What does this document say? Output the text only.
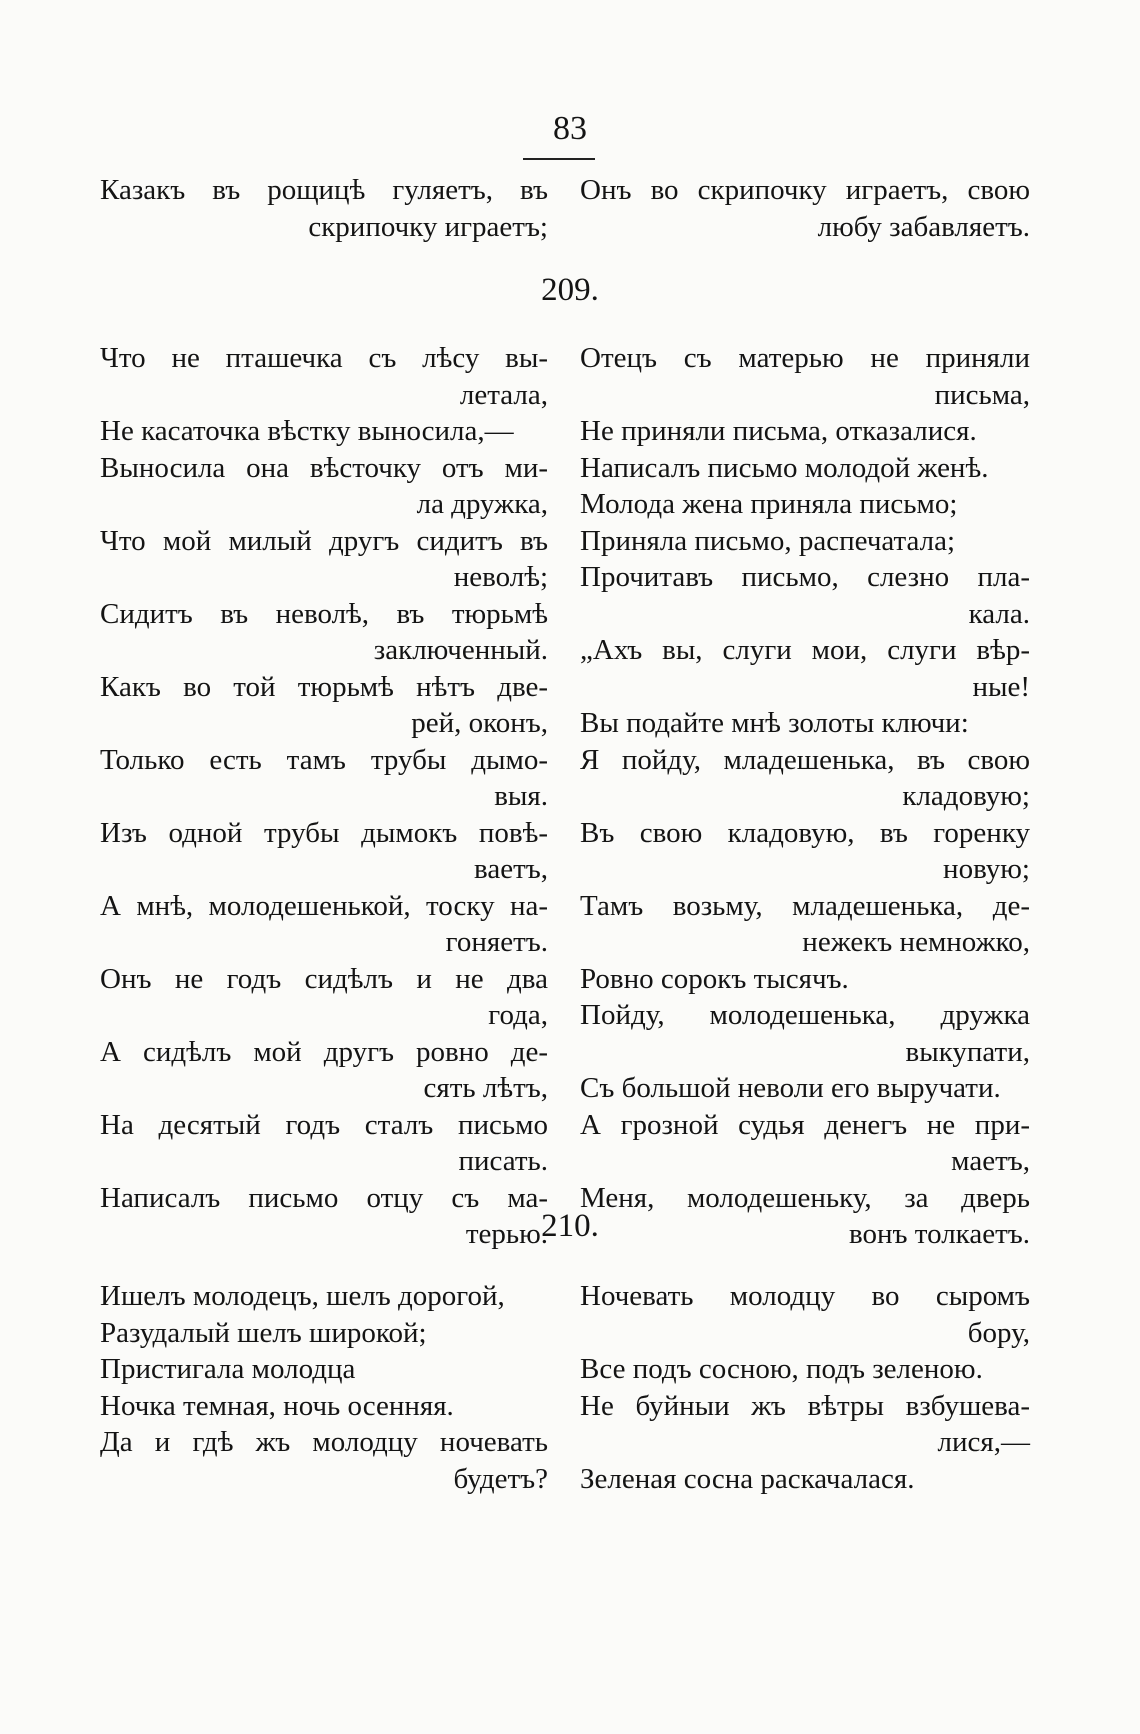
83

Казакъ въ рощицѣ гуляетъ, въ
скрипочку играетъ;

Онъ во скрипочку играетъ, свою
любу забавляетъ.

209.

Что не пташечка съ лѣсу вы-
летала,

Не касаточка вѣстку выносила,—

Выносила она вѣсточку отъ ми-
ла дружка,

Что мой милый другъ сидитъ въ
неволѣ;

Сидитъ въ неволѣ, въ тюрьмѣ
заключенный.

Какъ во той тюрьмѣ нѣтъ две-
рей, оконъ,

Только есть тамъ трубы дымо-
выя.

Изъ одной трубы дымокъ повѣ-
ваетъ,

А мнѣ, молодешенькой, тоску на-
гоняетъ.

Онъ не годъ сидѣлъ и не два
года,

А сидѣлъ мой другъ ровно де-
сять лѣтъ,

На десятый годъ сталъ письмо
писать.

Написалъ письмо отцу съ ма-
терью.

Отецъ съ матерью не приняли
письма,

Не приняли письма, отказалися.

Написалъ письмо молодой женѣ.

Молода жена приняла письмо;

Приняла письмо, распечатала;

Прочитавъ письмо, слезно пла-
кала.

„Ахъ вы, слуги мои, слуги вѣр-
ные!

Вы подайте мнѣ золоты ключи:

Я пойду, младешенька, въ свою
кладовую;

Въ свою кладовую, въ горенку
новую;

Тамъ возьму, младешенька, де-
нежекъ немножко,

Ровно сорокъ тысячъ.

Пойду, молодешенька, дружка
выкупати,

Съ большой неволи его выручати.

А грозной судья денегъ не при-
маетъ,

Меня, молодешеньку, за дверь
вонъ толкаетъ.

210.

Ишелъ молодецъ, шелъ дорогой,

Разудалый шелъ широкой;

Пристигала молодца

Ночка темная, ночь осенняя.

Да и гдѣ жъ молодцу ночевать
будетъ?

Ночевать молодцу во сыромъ
бору,

Все подъ сосною, подъ зеленою.

Не буйныи жъ вѣтры взбушева-
лися,—

Зеленая сосна раскачалася.
